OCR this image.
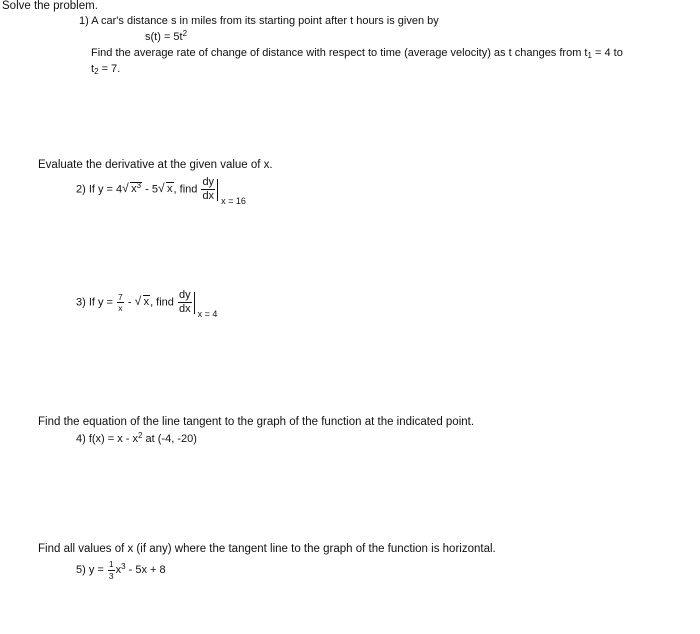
Solve the problem.
1) A car's distance s in miles from its starting point after t hours is given by
$s(t) = 5t^2$
Find the average rate of change of distance with respect to time (average velocity) as t changes from $t_1 = 4$ to
$t_2 = 7$.
Evaluate the derivative at the given value of x.
2) If y = 4√ $x^3 - 5√$ x, find $\frac{dy}{dx}$ x = 16
3) If $y = \frac{7}{x}$ - √ x, find $\frac{dy}{dx}$ x = 4
Find the equation of the line tangent to the graph of the function at the indicated point.
4) $f(x) = x - x^2$ at (-4, -20)
Find all values of x (if any) where the tangent line to the graph of the function is horizontal.
5) $y = \frac{1}{3} x^3 - 5x + 8$
